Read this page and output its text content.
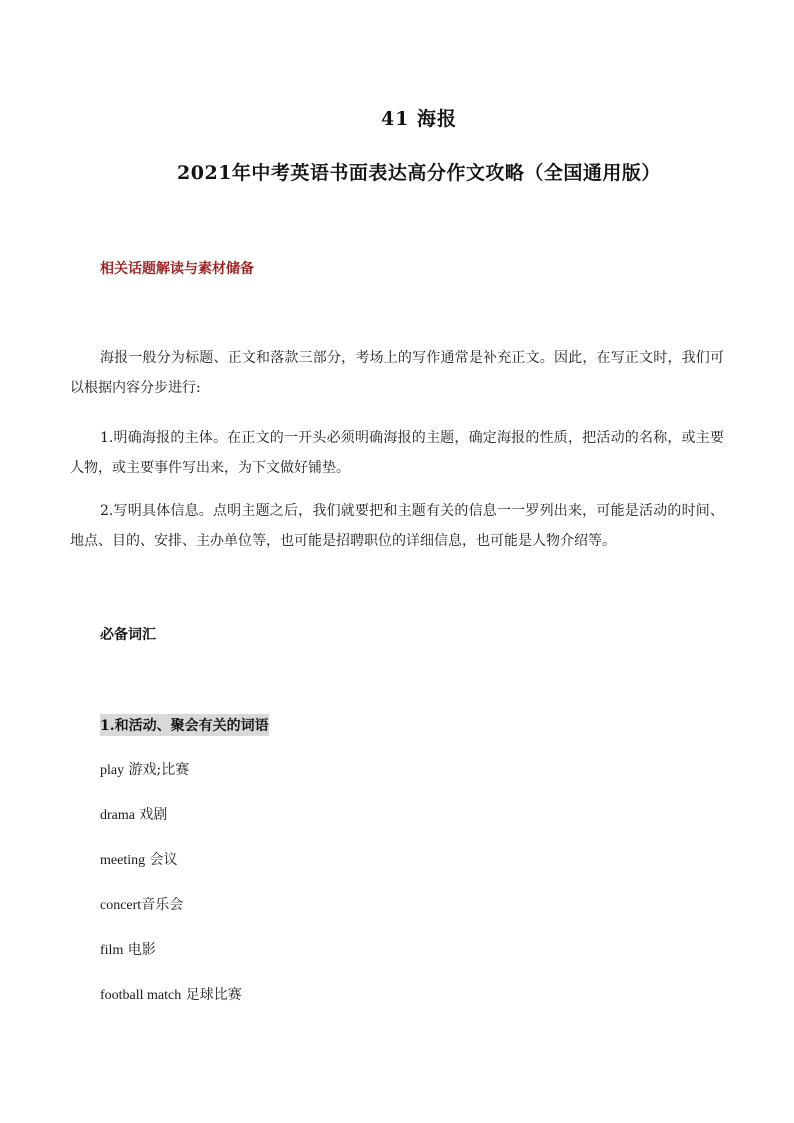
41 海报
2021年中考英语书面表达高分作文攻略（全国通用版）
相关话题解读与素材储备
海报一般分为标题、正文和落款三部分，考场上的写作通常是补充正文。因此，在写正文时，我们可以根据内容分步进行:
1.明确海报的主体。在正文的一开头必须明确海报的主题，确定海报的性质，把活动的名称，或主要人物，或主要事件写出来，为下文做好铺垫。
2.写明具体信息。点明主题之后，我们就要把和主题有关的信息一一罗列出来，可能是活动的时间、地点、目的、安排、主办单位等，也可能是招聘职位的详细信息，也可能是人物介绍等。
必备词汇
1.和活动、聚会有关的词语
play 游戏;比赛
drama 戏剧
meeting 会议
concert音乐会
film 电影
football match 足球比赛
